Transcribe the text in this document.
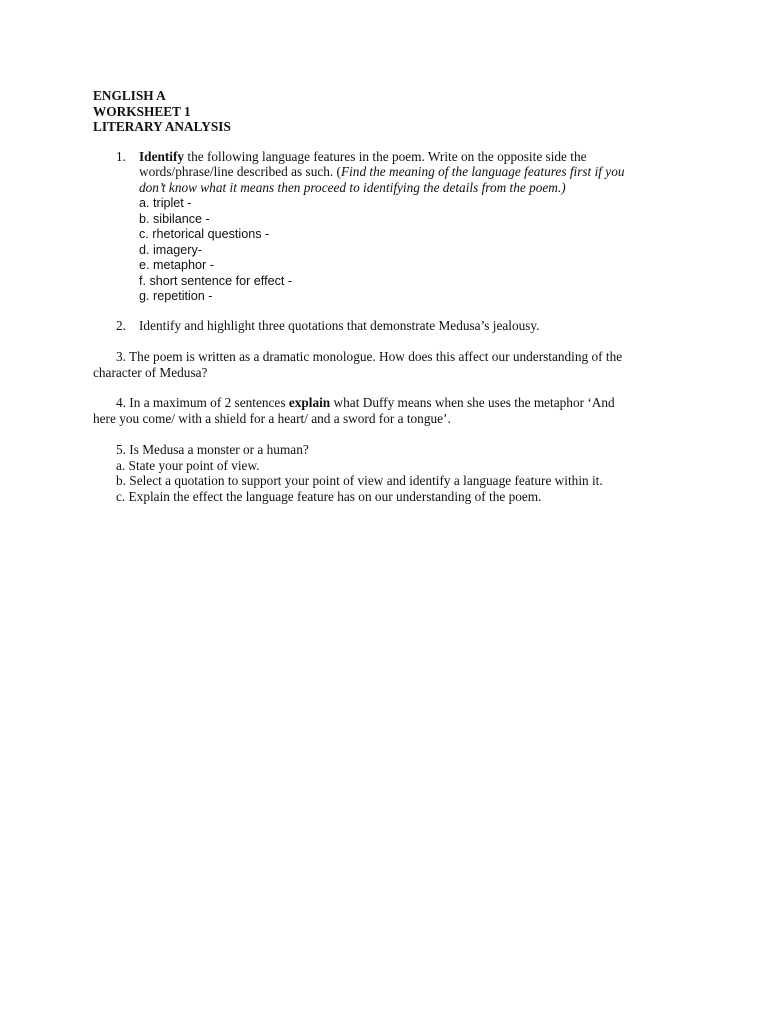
ENGLISH A
WORKSHEET 1
LITERARY ANALYSIS
1. Identify the following language features in the poem. Write on the opposite side the
words/phrase/line described as such. (Find the meaning of the language features first if you
don’t know what it means then proceed to identifying the details from the poem.)
a. triplet -
b. sibilance -
c. rhetorical questions -
d. imagery-
e. metaphor -
f. short sentence for effect -
g. repetition -
2. Identify and highlight three quotations that demonstrate Medusa’s jealousy.
3. The poem is written as a dramatic monologue. How does this affect our understanding of the
character of Medusa?
4. In a maximum of 2 sentences explain what Duffy means when she uses the metaphor ‘And
here you come/ with a shield for a heart/ and a sword for a tongue’.
5. Is Medusa a monster or a human?
a. State your point of view.
b. Select a quotation to support your point of view and identify a language feature within it.
c. Explain the effect the language feature has on our understanding of the poem.
